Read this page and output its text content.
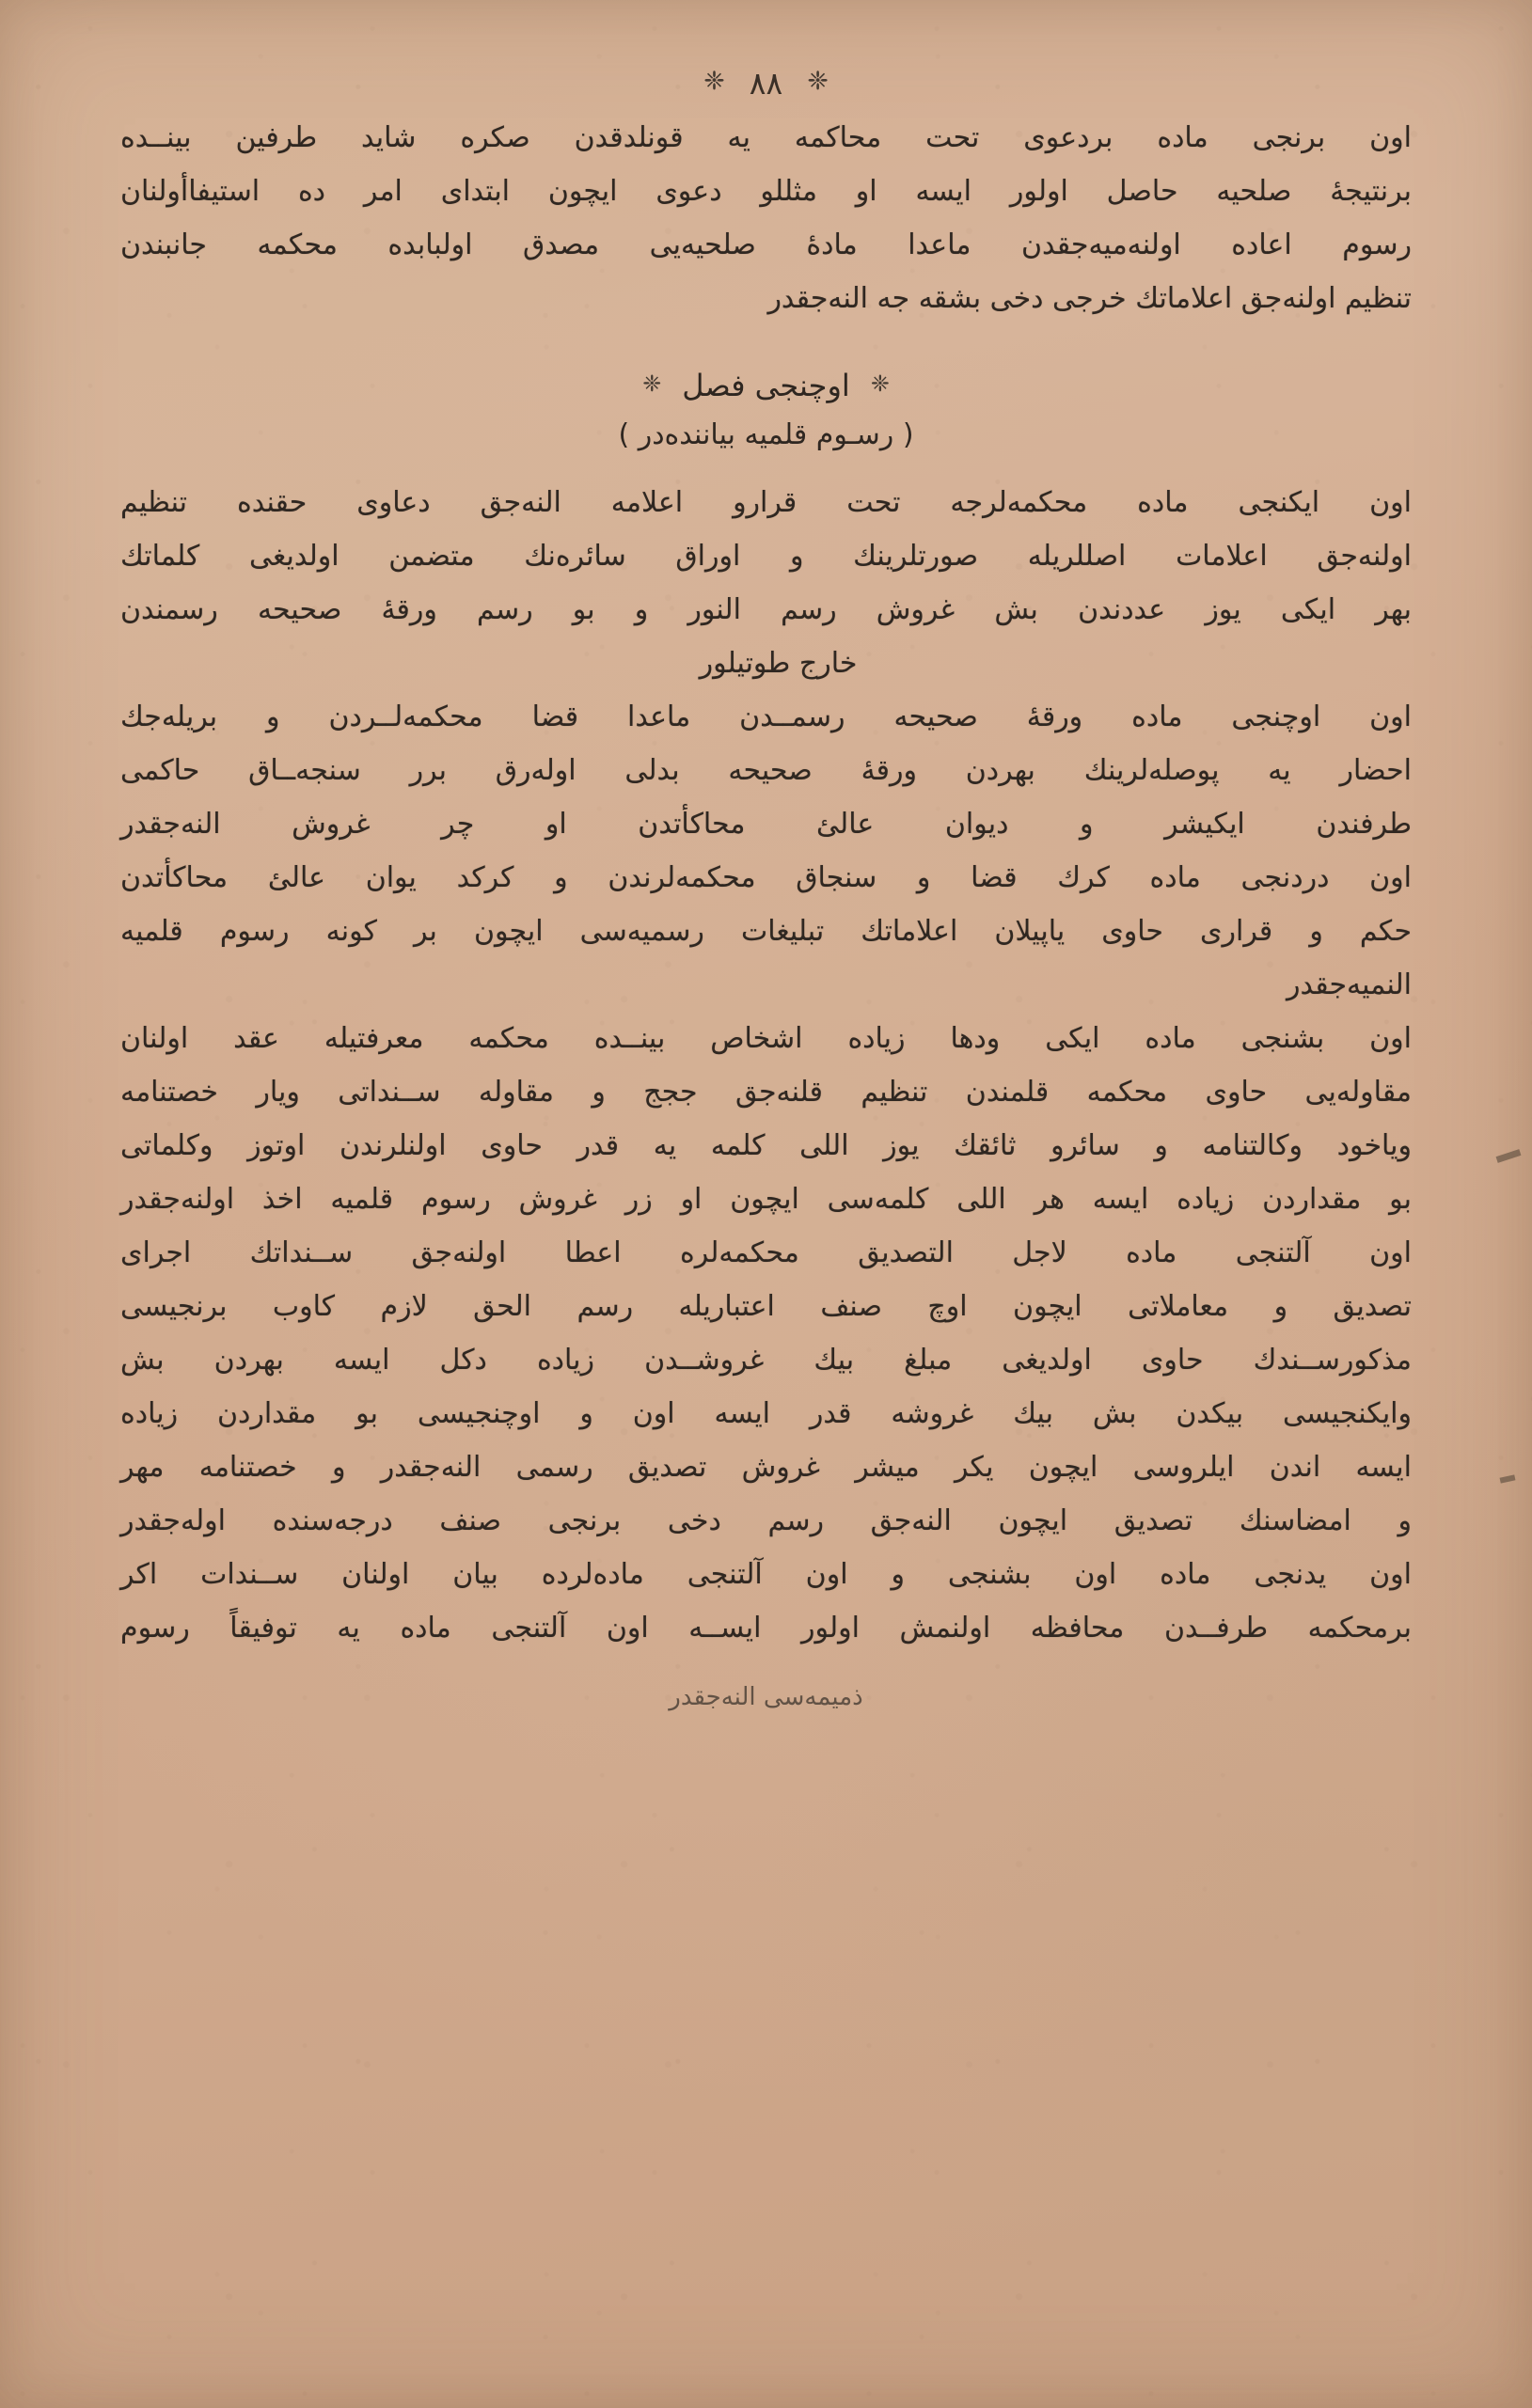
❈
٨٨
❈
اون برنجی ماده بردعوی تحت محاکمه یه قونلدقدن صکره شاید طرفین بینــده
برنتيجهٔ صلحيه حاصل اولور ایسه او مثللو دعوی ایچون ابتدای امر ده استیفاأولنان
رسوم اعاده اولنه‌میه‌جقدن ماعدا مادهٔ صلحيه‌یی مصدق اولبابده محکمه جانبندن
تنظیم اولنه‌جق اعلاماتك خرجی دخی بشقه جه النه‌جقدر
❈
اوچنجی فصل
❈
( رسـوم قلميه بياننده‌در )
اون ایکنجی ماده محکمه‌لرجه تحت قرارو اعلامه النه‌جق دعاوی حقنده تنظیم
اولنه‌جق اعلامات اصللریله صورتلرینك و اوراق سائره‌نك متضمن اولدیغی كلماتك
بهر ایکی یوز عددندن بش غروش رسم النور و بو رسم ورقهٔ صحیحه رسمندن
خارج طوتیلور
اون اوچنجی ماده ورقهٔ صحیحه رسمــدن ماعدا قضا محکمه‌لــردن و بریله‌جك
احضار یه پوصله‌لرینك بهردن ورقهٔ صحیحه بدلی اوله‌رق برر سنجه‌ــاق حاكمی
طرفندن ایکیشر و دیوان عالئ محاكأتدن او چر غروش النه‌جقدر
اون دردنجی ماده كرك قضا و سنجاق محكمه‌لرندن و كركد یوان عالئ محاكأتدن
حکم و قراری حاوی یاپیلان اعلاماتك تبلیغات رسمیه‌سی ایچون بر كونه رسوم قلميه
النميه‌جقدر
اون بشنجی ماده ایکی ودها زیاده اشخاص بینــده محکمه معرفتیله عقد اولنان
مقاوله‌یی حاوی محکمه قلمندن تنظیم قلنه‌جق ججج و مقاوله ســنداتی ویار خصتنامه
ویاخود وكالتنامه و سائرو ثائقك یوز اللی كلمه یه قدر حاوی اولنلرندن اوتوز وكلماتی
بو مقداردن زیاده ایسه هر اللی كلمه‌سی ایچون او زر غروش رسوم قلميه اخذ اولنه‌جقدر
اون آلتنجی ماده لاجل التصدیق محكمه‌لره اعطا اولنه‌جق ســنداتك اجرای
تصدیق و معاملاتی ایچون اوچ صنف اعتباریله رسم الحق لازم كاوب برنجیسی
مذكورســندك حاوی اولدیغی مبلغ بیك غروشــدن زیاده دكل ایسه بهردن بش
وایکنجیسی بیكدن بش بیك غروشه قدر ایسه اون و اوچنجیسی بو مقداردن زیاده
ایسه اندن ایلروسی ایچون یکر میشر غروش تصدیق رسمی النه‌جقدر و خصتنامه مهر
و امضاسنك تصدیق ایچون النه‌جق رسم دخی برنجی صنف درجه‌سنده اوله‌جقدر
اون یدنجی ماده اون بشنجی و اون آلتنجی ماده‌لرده بیان اولنان ســندات اكر
برمحکمه طرفــدن محافظه اولنمش اولور ایســه اون آلتنجی ماده یه توفیقاً رسوم
ذميمه‌سی النه‌جقدر
